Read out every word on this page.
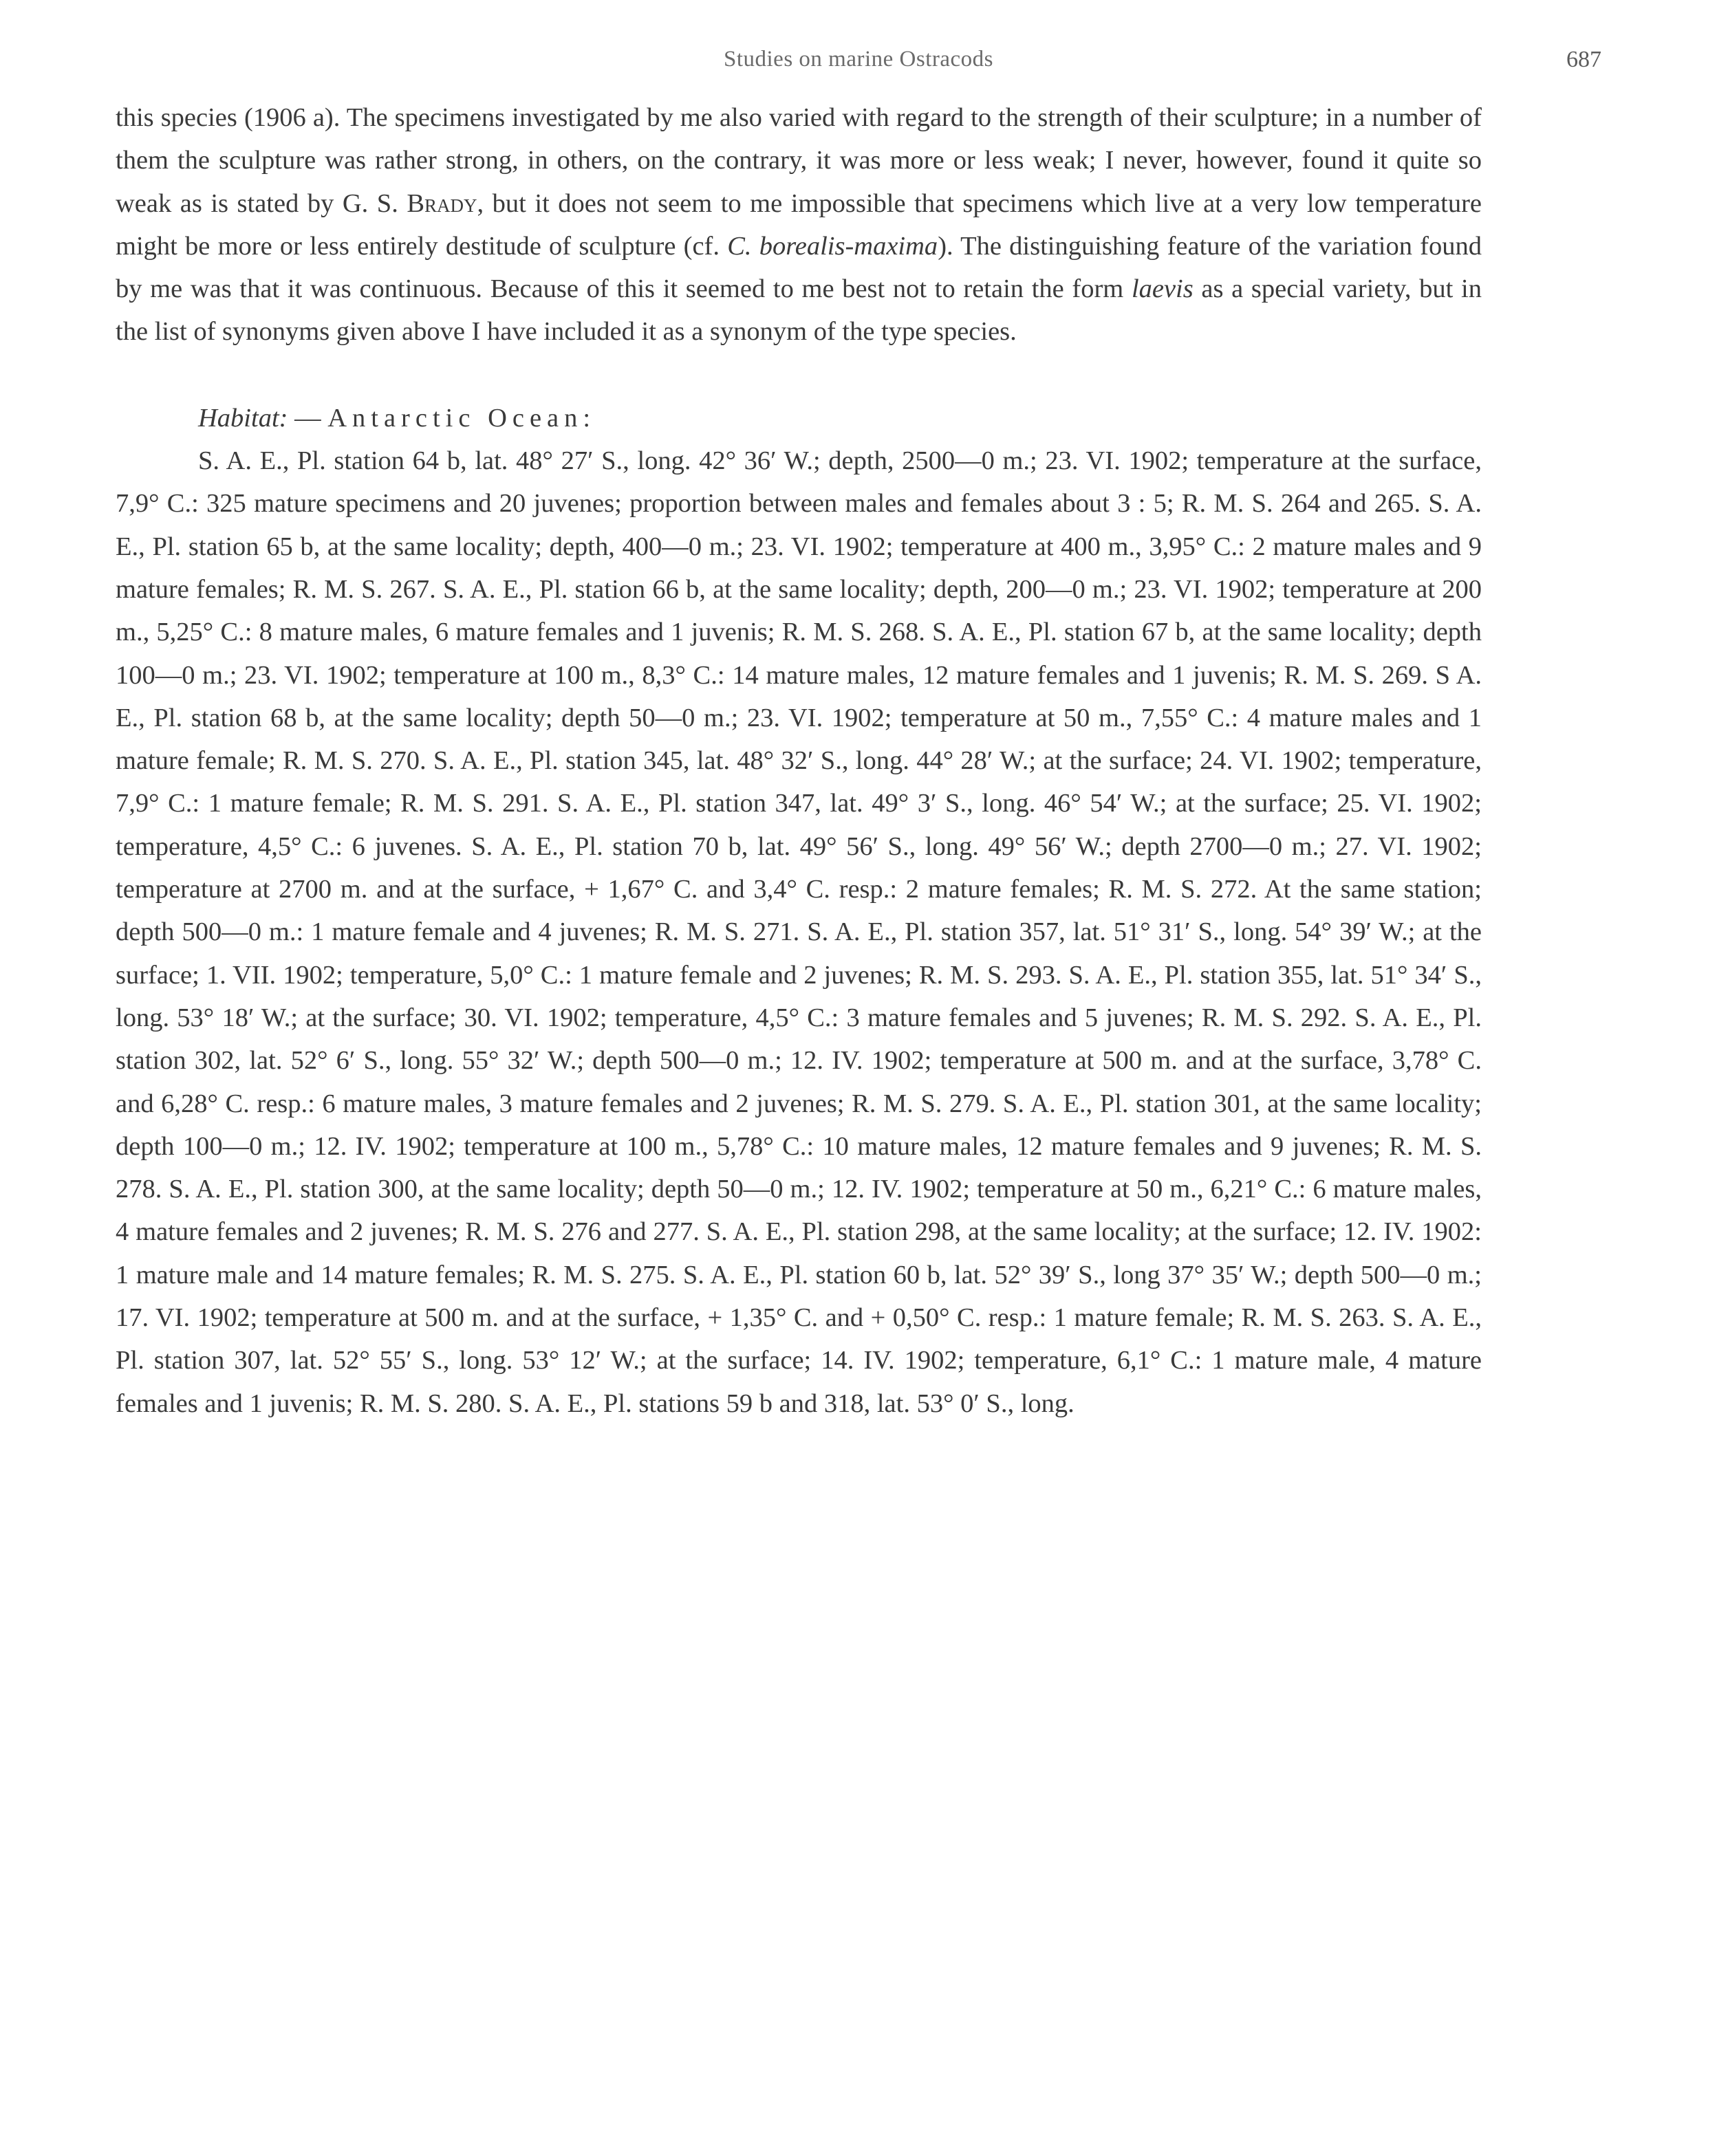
Studies on marine Ostracods	687

this species (1906 a). The specimens investigated by me also varied with regard to the strength of their sculpture; in a number of them the sculpture was rather strong, in others, on the contrary, it was more or less weak; I never, however, found it quite so weak as is stated by G. S. Brady, but it does not seem to me impossible that specimens which live at a very low temperature might be more or less entirely destitude of sculpture (cf. C. borealis-maxima). The distinguishing feature of the variation found by me was that it was continuous. Because of this it seemed to me best not to retain the form laevis as a special variety, but in the list of synonyms given above I have included it as a synonym of the type species.

Habitat: — Antarctic Ocean:

S. A. E., Pl. station 64 b, lat. 48° 27′ S., long. 42° 36′ W.; depth, 2500—0 m.; 23. VI. 1902; temperature at the surface, 7,9° C.: 325 mature specimens and 20 juvenes; proportion between males and females about 3 : 5; R. M. S. 264 and 265. S. A. E., Pl. station 65 b, at the same locality; depth, 400—0 m.; 23. VI. 1902; temperature at 400 m., 3,95° C.: 2 mature males and 9 mature females; R. M. S. 267. S. A. E., Pl. station 66 b, at the same locality; depth, 200—0 m.; 23. VI. 1902; temperature at 200 m., 5,25° C.: 8 mature males, 6 mature females and 1 juvenis; R. M. S. 268. S. A. E., Pl. station 67 b, at the same locality; depth 100—0 m.; 23. VI. 1902; temperature at 100 m., 8,3° C.: 14 mature males, 12 mature females and 1 juvenis; R. M. S. 269. S A. E., Pl. station 68 b, at the same locality; depth 50—0 m.; 23. VI. 1902; temperature at 50 m., 7,55° C.: 4 mature males and 1 mature female; R. M. S. 270. S. A. E., Pl. station 345, lat. 48° 32′ S., long. 44° 28′ W.; at the surface; 24. VI. 1902; temperature, 7,9° C.: 1 mature female; R. M. S. 291. S. A. E., Pl. station 347, lat. 49° 3′ S., long. 46° 54′ W.; at the surface; 25. VI. 1902; temperature, 4,5° C.: 6 juvenes. S. A. E., Pl. station 70 b, lat. 49° 56′ S., long. 49° 56′ W.; depth 2700—0 m.; 27. VI. 1902; temperature at 2700 m. and at the surface, + 1,67° C. and 3,4° C. resp.: 2 mature females; R. M. S. 272. At the same station; depth 500—0 m.: 1 mature female and 4 juvenes; R. M. S. 271. S. A. E., Pl. station 357, lat. 51° 31′ S., long. 54° 39′ W.; at the surface; 1. VII. 1902; temperature, 5,0° C.: 1 mature female and 2 juvenes; R. M. S. 293. S. A. E., Pl. station 355, lat. 51° 34′ S., long. 53° 18′ W.; at the surface; 30. VI. 1902; temperature, 4,5° C.: 3 mature females and 5 juvenes; R. M. S. 292. S. A. E., Pl. station 302, lat. 52° 6′ S., long. 55° 32′ W.; depth 500—0 m.; 12. IV. 1902; temperature at 500 m. and at the surface, 3,78° C. and 6,28° C. resp.: 6 mature males, 3 mature females and 2 juvenes; R. M. S. 279. S. A. E., Pl. station 301, at the same locality; depth 100—0 m.; 12. IV. 1902; temperature at 100 m., 5,78° C.: 10 mature males, 12 mature females and 9 juvenes; R. M. S. 278. S. A. E., Pl. station 300, at the same locality; depth 50—0 m.; 12. IV. 1902; temperature at 50 m., 6,21° C.: 6 mature males, 4 mature females and 2 juvenes; R. M. S. 276 and 277. S. A. E., Pl. station 298, at the same locality; at the surface; 12. IV. 1902: 1 mature male and 14 mature females; R. M. S. 275. S. A. E., Pl. station 60 b, lat. 52° 39′ S., long 37° 35′ W.; depth 500—0 m.; 17. VI. 1902; temperature at 500 m. and at the surface, + 1,35° C. and + 0,50° C. resp.: 1 mature female; R. M. S. 263. S. A. E., Pl. station 307, lat. 52° 55′ S., long. 53° 12′ W.; at the surface; 14. IV. 1902; temperature, 6,1° C.: 1 mature male, 4 mature females and 1 juvenis; R. M. S. 280. S. A. E., Pl. stations 59 b and 318, lat. 53° 0′ S., long.
